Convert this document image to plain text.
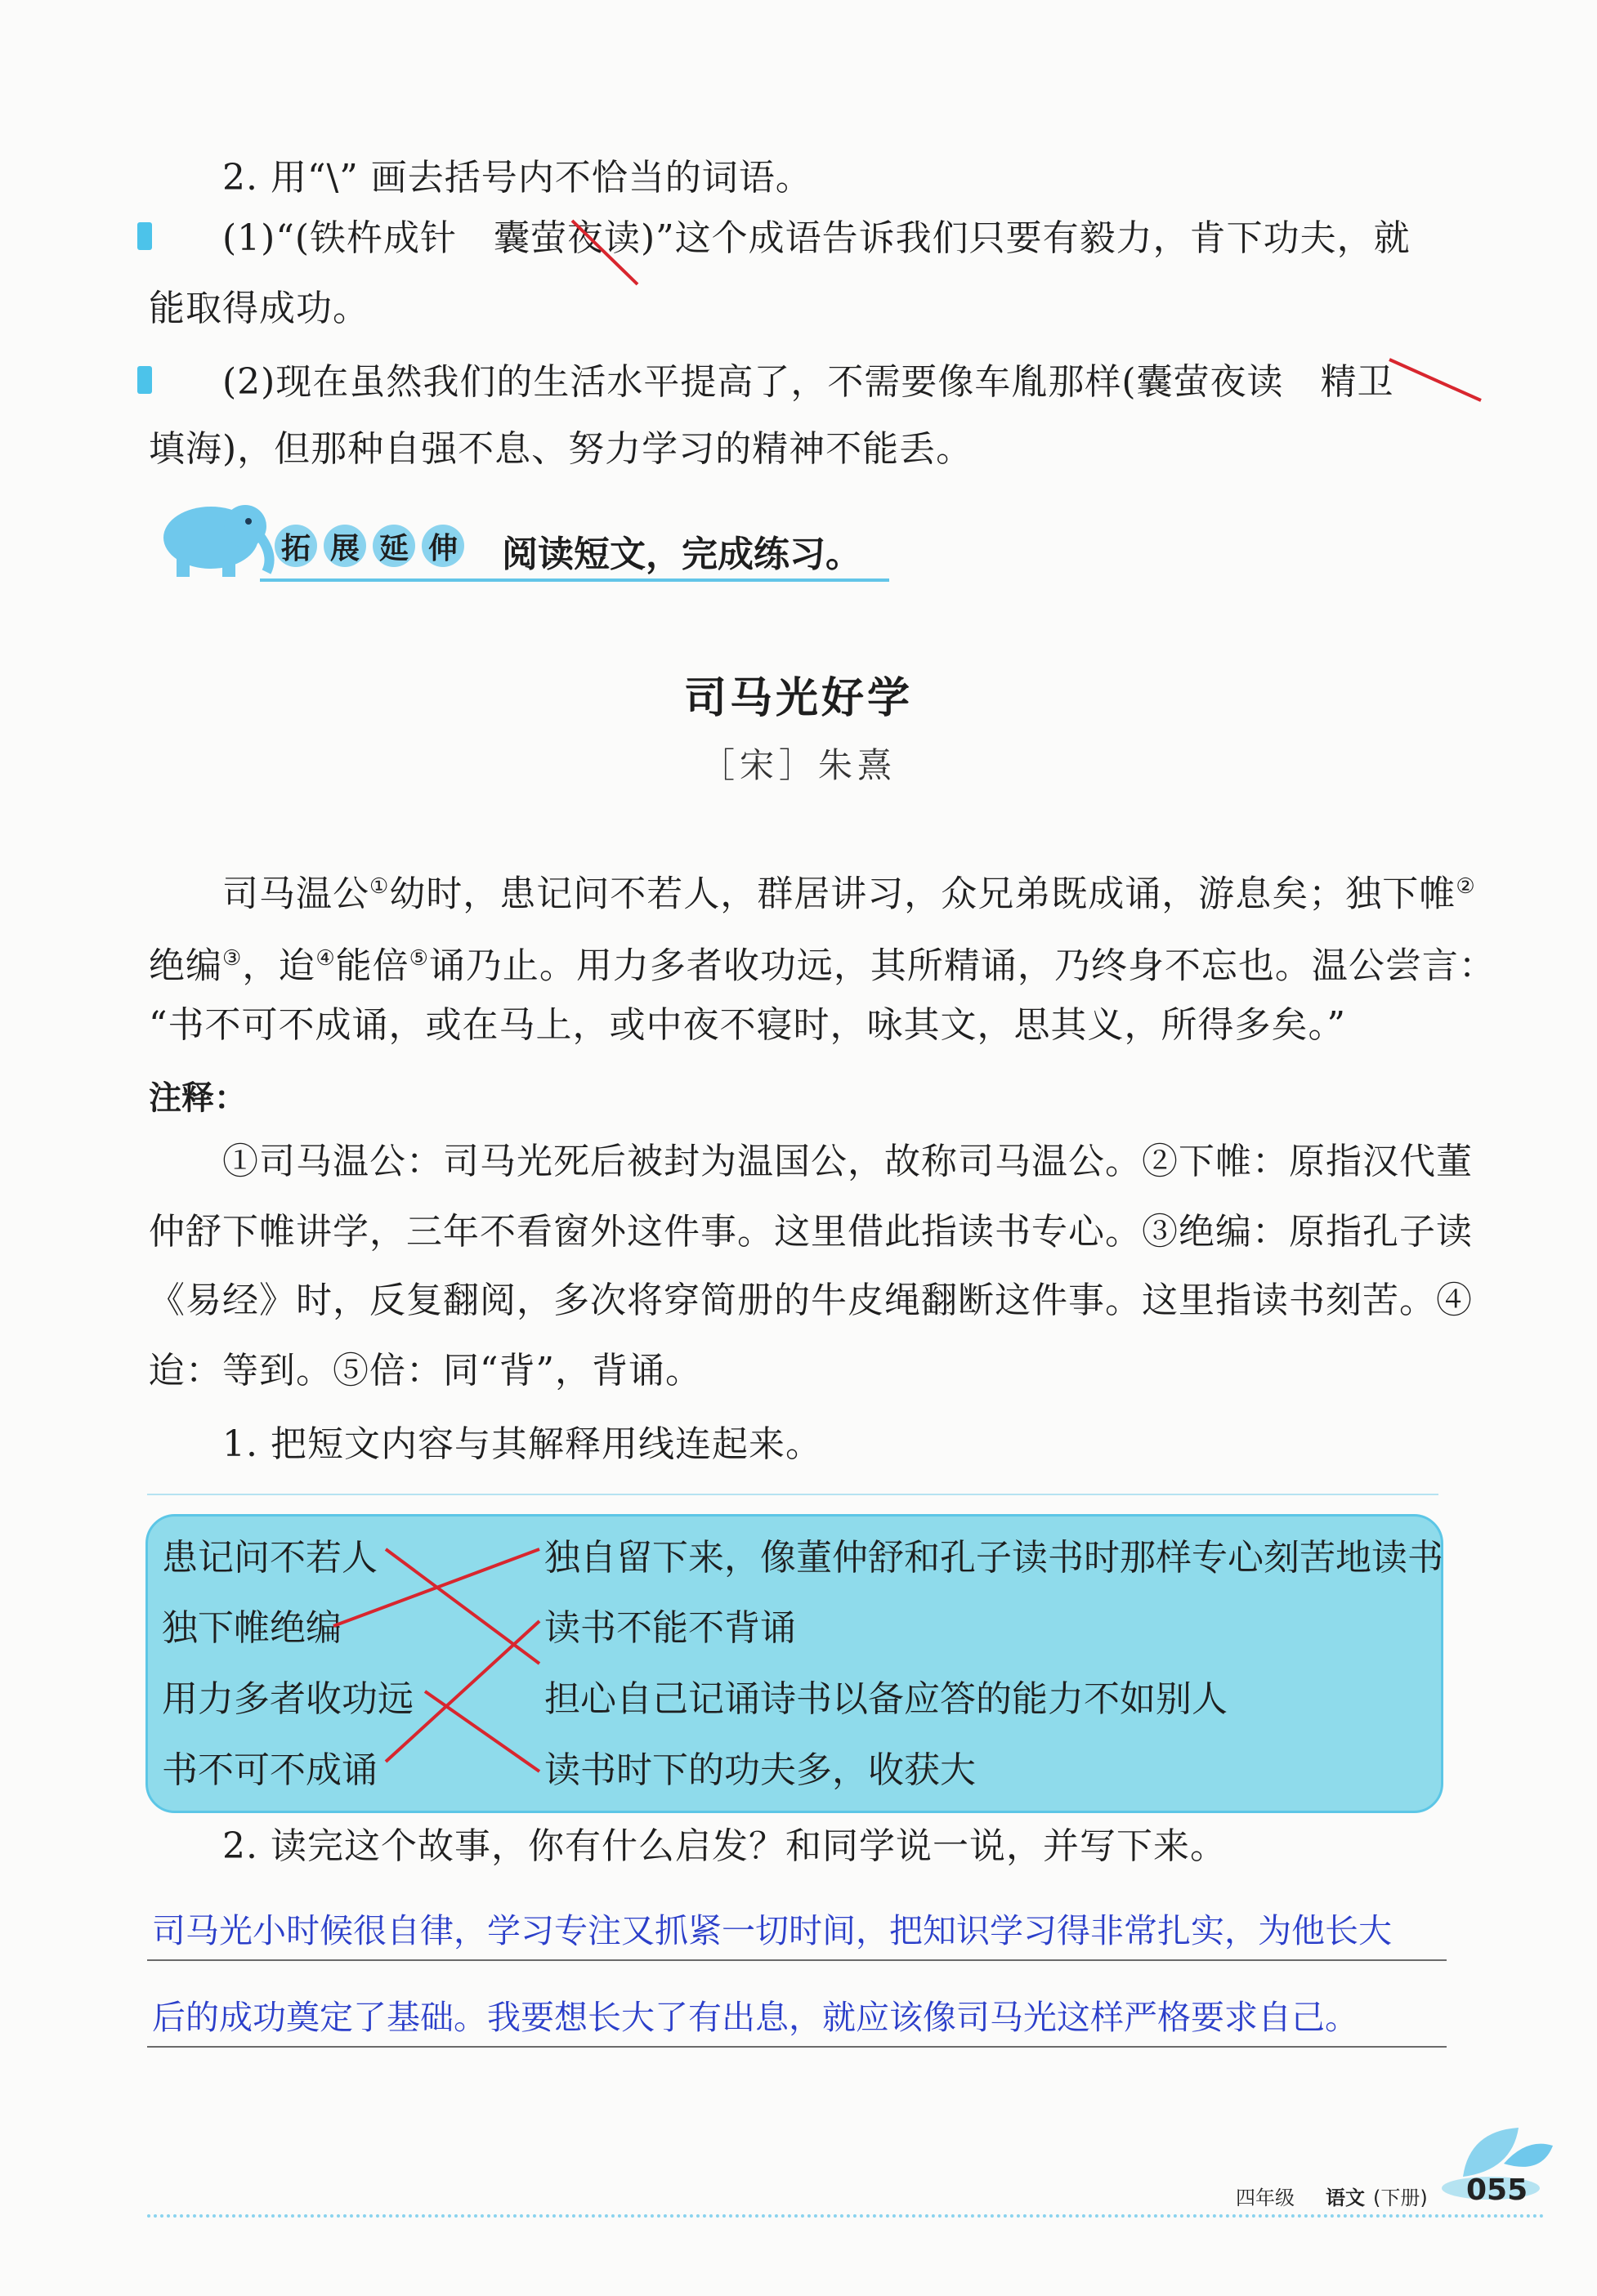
2. 用“\” 画去括号内不恰当的词语。
(1)“(铁杵成针　囊萤夜读)”这个成语告诉我们只要有毅力，肯下功夫，就
能取得成功。
(2)现在虽然我们的生活水平提高了，不需要像车胤那样(囊萤夜读　精卫
填海)，但那种自强不息、努力学习的精神不能丢。
拓 展 延 伸 阅读短文，完成练习。
司马光好学
［宋］朱熹
司马温公①幼时，患记问不若人，群居讲习，众兄弟既成诵，游息矣；独下帷②
绝编③，迨④能倍⑤诵乃止。用力多者收功远，其所精诵，乃终身不忘也。温公尝言：
“书不可不成诵，或在马上，或中夜不寝时，咏其文，思其义，所得多矣。”
注释：
①司马温公：司马光死后被封为温国公，故称司马温公。②下帷：原指汉代董
仲舒下帷讲学，三年不看窗外这件事。这里借此指读书专心。③绝编：原指孔子读
《易经》时，反复翻阅，多次将穿简册的牛皮绳翻断这件事。这里指读书刻苦。④
迨：等到。⑤倍：同“背”，背诵。
1. 把短文内容与其解释用线连起来。
患记问不若人
独下帷绝编
用力多者收功远
书不可不成诵
独自留下来，像董仲舒和孔子读书时那样专心刻苦地读书
读书不能不背诵
担心自己记诵诗书以备应答的能力不如别人
读书时下的功夫多，收获大
2. 读完这个故事，你有什么启发？和同学说一说，并写下来。
司马光小时候很自律，学习专注又抓紧一切时间，把知识学习得非常扎实，为他长大
后的成功奠定了基础。我要想长大了有出息，就应该像司马光这样严格要求自己。
四年级 语文 (下册) 055
